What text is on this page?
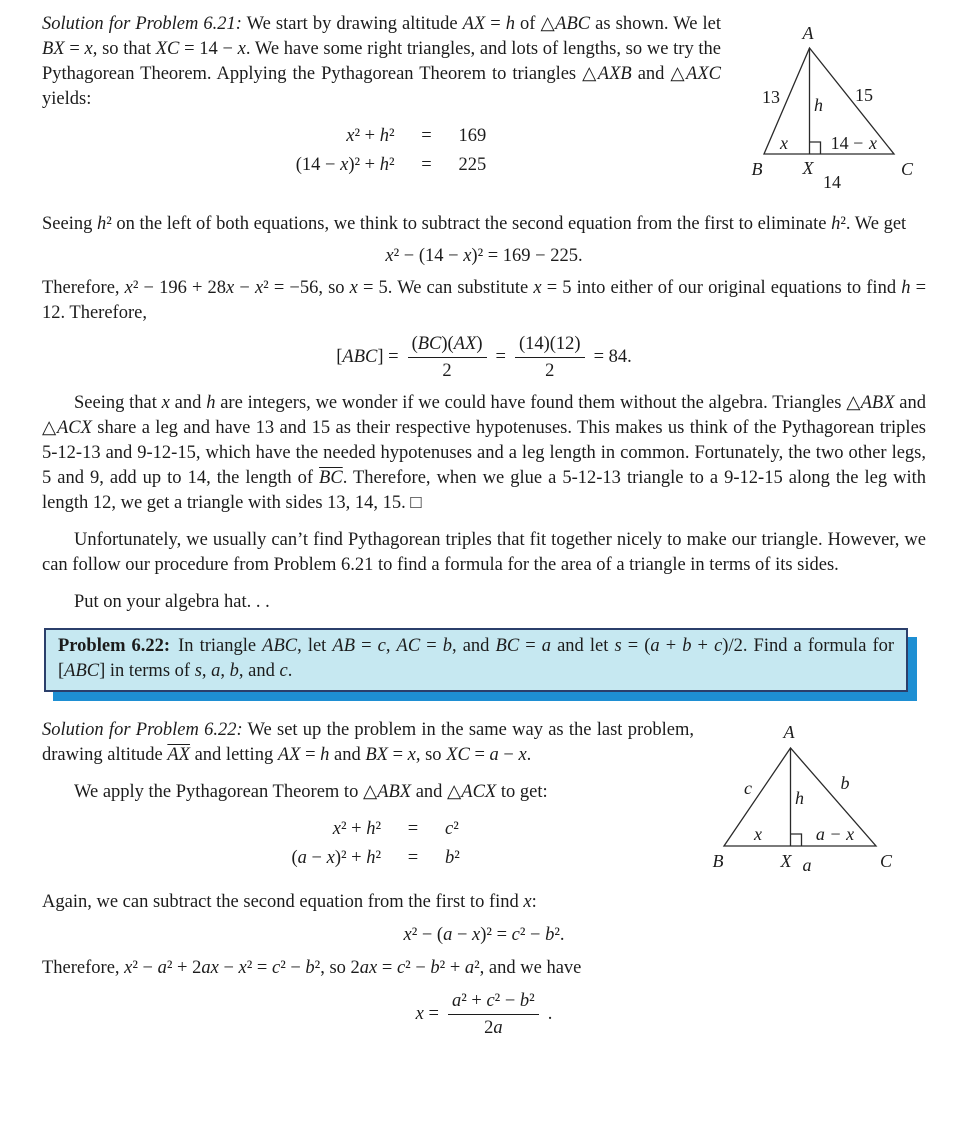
Solution for Problem 6.21: We start by drawing altitude AX = h of △ABC as shown. We let BX = x, so that XC = 14 − x. We have some right triangles, and lots of lengths, so we try the Pythagorean Theorem. Applying the Pythagorean Theorem to triangles △AXB and △AXC yields:

x² + h²	=	169
(14 − x)² + h²	=	225
A
13	15
h
x 14 − x
B X	C
14

Seeing h² on the left of both equations, we think to subtract the second equation from the first to eliminate h². We get

x² − (14 − x)² = 169 − 225.

Therefore, x² − 196 + 28x − x² = −56, so x = 5. We can substitute x = 5 into either of our original equations to find h = 12. Therefore,

$[ABC] = \frac{(BC)(AX)}{2} = \frac{(14)(12)}{2} = 84$.

Seeing that x and h are integers, we wonder if we could have found them without the algebra. Triangles △ABX and △ACX share a leg and have 13 and 15 as their respective hypotenuses. This makes us think of the Pythagorean triples 5-12-13 and 9-12-15, which have the needed hypotenuses and a leg length in common. Fortunately, the two other legs, 5 and 9, add up to 14, the length of $\overline{BC}$. Therefore, when we glue a 5-12-13 triangle to a 9-12-15 along the leg with length 12, we get a triangle with sides 13, 14, 15. □

Unfortunately, we usually can’t find Pythagorean triples that fit together nicely to make our triangle. However, we can follow our procedure from Problem 6.21 to find a formula for the area of a triangle in terms of its sides.

Put on your algebra hat. . .

Problem 6.22: In triangle ABC, let AB = c, AC = b, and BC = a and let s = (a + b + c)/2. Find a formula for [ABC] in terms of s, a, b, and c.

Solution for Problem 6.22: We set up the problem in the same way as the last problem, drawing altitude $\overline{AX}$ and letting AX = h and BX = x, so XC = a − x.

We apply the Pythagorean Theorem to △ABX and △ACX to get:

x² + h²	=	c²
(a − x)² + h²	=	b²
A
c	b
h
x	a − x
B	X	C
a

Again, we can subtract the second equation from the first to find x:

x² − (a − x)² = c² − b².

Therefore, x² − a² + 2ax − x² = c² − b², so 2ax = c² − b² + a², and we have

$x = \frac{\text{a² + c² − b²}}{2a}$ .
